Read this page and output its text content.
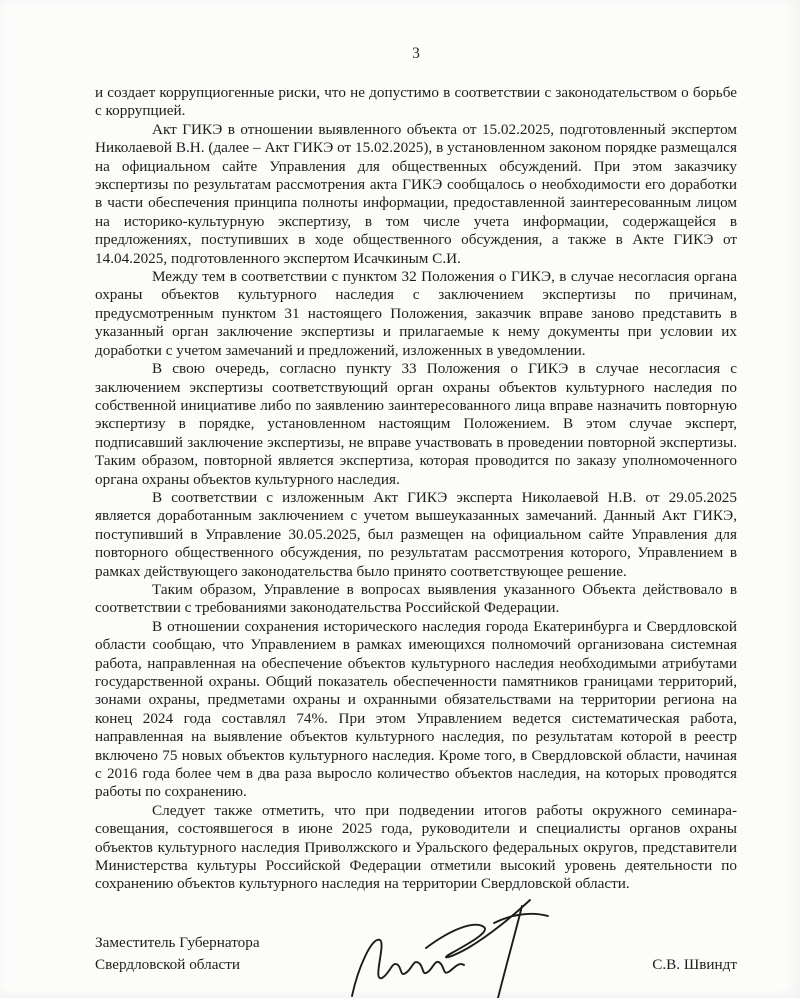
3

и создает коррупциогенные риски, что не допустимо в соответствии с законодательством о борьбе с коррупцией.

Акт ГИКЭ в отношении выявленного объекта от 15.02.2025, подготовленный экспертом Николаевой В.Н. (далее – Акт ГИКЭ от 15.02.2025), в установленном законом порядке размещался на официальном сайте Управления для общественных обсуждений. При этом заказчику экспертизы по результатам рассмотрения акта ГИКЭ сообщалось о необходимости его доработки в части обеспечения принципа полноты информации, предоставленной заинтересованным лицом на историко-культурную экспертизу, в том числе учета информации, содержащейся в предложениях, поступивших в ходе общественного обсуждения, а также в Акте ГИКЭ от 14.04.2025, подготовленного экспертом Исачкиным С.И.

Между тем в соответствии с пунктом 32 Положения о ГИКЭ, в случае несогласия органа охраны объектов культурного наследия с заключением экспертизы по причинам, предусмотренным пунктом 31 настоящего Положения, заказчик вправе заново представить в указанный орган заключение экспертизы и прилагаемые к нему документы при условии их доработки с учетом замечаний и предложений, изложенных в уведомлении.

В свою очередь, согласно пункту 33 Положения о ГИКЭ в случае несогласия с заключением экспертизы соответствующий орган охраны объектов культурного наследия по собственной инициативе либо по заявлению заинтересованного лица вправе назначить повторную экспертизу в порядке, установленном настоящим Положением. В этом случае эксперт, подписавший заключение экспертизы, не вправе участвовать в проведении повторной экспертизы. Таким образом, повторной является экспертиза, которая проводится по заказу уполномоченного органа охраны объектов культурного наследия.

В соответствии с изложенным Акт ГИКЭ эксперта Николаевой Н.В. от 29.05.2025 является доработанным заключением с учетом вышеуказанных замечаний. Данный Акт ГИКЭ, поступивший в Управление 30.05.2025, был размещен на официальном сайте Управления для повторного общественного обсуждения, по результатам рассмотрения которого, Управлением в рамках действующего законодательства было принято соответствующее решение.

Таким образом, Управление в вопросах выявления указанного Объекта действовало в соответствии с требованиями законодательства Российской Федерации.

В отношении сохранения исторического наследия города Екатеринбурга и Свердловской области сообщаю, что Управлением в рамках имеющихся полномочий организована системная работа, направленная на обеспечение объектов культурного наследия необходимыми атрибутами государственной охраны. Общий показатель обеспеченности памятников границами территорий, зонами охраны, предметами охраны и охранными обязательствами на территории региона на конец 2024 года составлял 74%. При этом Управлением ведется систематическая работа, направленная на выявление объектов культурного наследия, по результатам которой в реестр включено 75 новых объектов культурного наследия. Кроме того, в Свердловской области, начиная с 2016 года более чем в два раза выросло количество объектов наследия, на которых проводятся работы по сохранению.

Следует также отметить, что при подведении итогов работы окружного семинара-совещания, состоявшегося в июне 2025 года, руководители и специалисты органов охраны объектов культурного наследия Приволжского и Уральского федеральных округов, представители Министерства культуры Российской Федерации отметили высокий уровень деятельности по сохранению объектов культурного наследия на территории Свердловской области.

Заместитель Губернатора
Свердловской области	С.В. Швиндт
